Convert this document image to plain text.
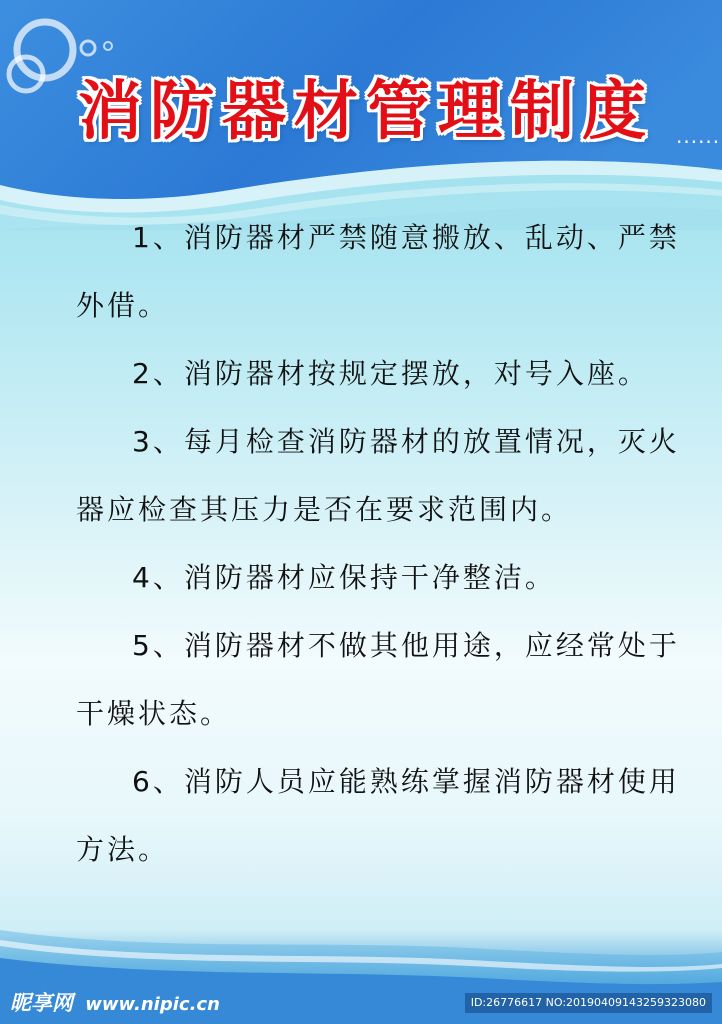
消防器材管理制度	......

1、消防器材严禁随意搬放、乱动、严禁外借。

2、消防器材按规定摆放，对号入座。

3、每月检查消防器材的放置情况，灭火器应检查其压力是否在要求范围内。

4、消防器材应保持干净整洁。

5、消防器材不做其他用途，应经常处于干燥状态。

6、消防人员应能熟练掌握消防器材使用方法。

昵享网 www.nipic.cn	ID:26776617 NO:20190409143259323080
